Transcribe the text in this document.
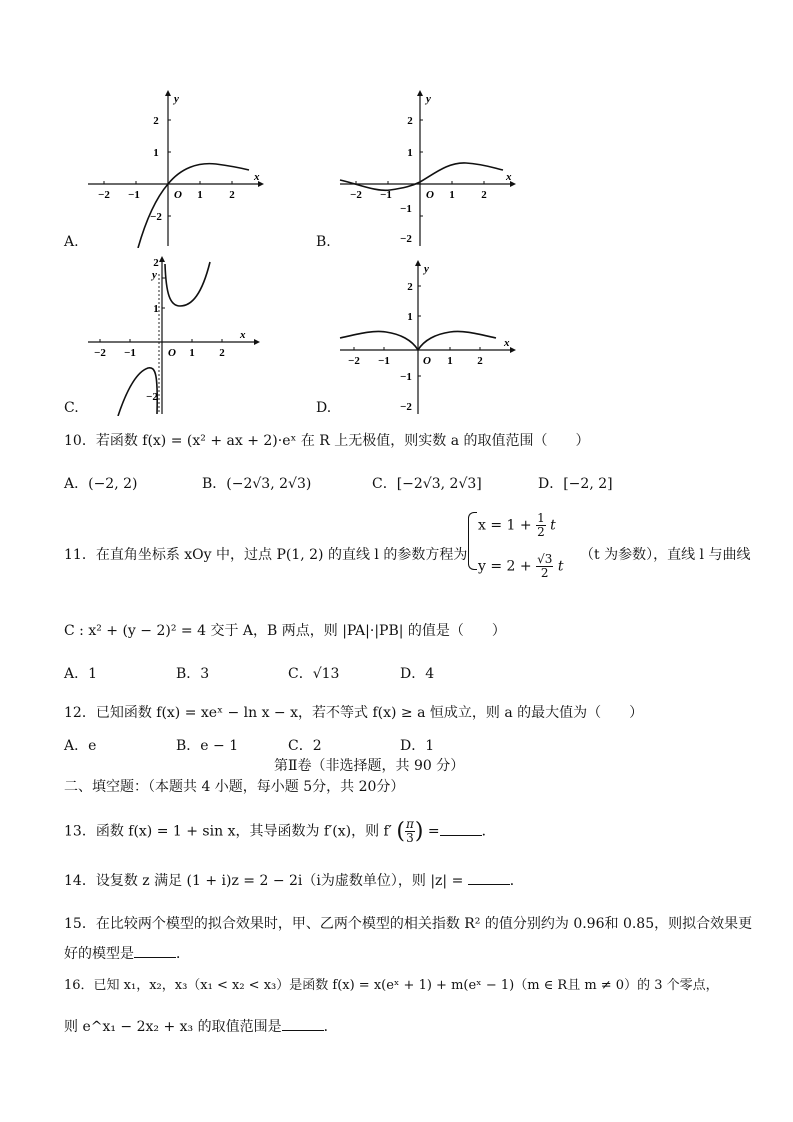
−2 −1	1 2
2
1
−2
O
x
y
A.
−2 −1	1 2
2
1
−1
−2
O
x
y
B.
−2 −1	1 2
2
1
−2
O
x
y
C.
−2 −1	1 2
2
1
−1
−2
O
x
y
D.
10．若函数 f(x) = (x² + ax + 2)·eˣ 在 R 上无极值，则实数 a 的取值范围（　　）
A．(−2, 2)	B．(−2√3, 2√3)	C．[−2√3, 2√3]	D．[−2, 2]
11．在直角坐标系 xOy 中，过点 P(1, 2) 的直线 l 的参数方程为
$x = 1 + \frac{1}{2}$ t
$y = 2 + \frac{√3}{2}$ t
（t 为参数），直线 l 与曲线
C : x² + (y − 2)² = 4 交于 A，B 两点，则 |PA|·|PB| 的值是（　　）
A．1	B．3	C．√13	D．4
12．已知函数 f(x) = xeˣ − ln x − x，若不等式 f(x) ≥ a 恒成立，则 a 的最大值为（　　）
A．e	B．e − 1	C．2	D．1
第Ⅱ卷（非选择题，共 90 分）
二、填空题：（本题共 4 小题，每小题 5分，共 20分）
13．函数 f(x) = 1 + sin x，其导函数为 f′(x)，则 f′ ( $\frac{\pi}{3}$ ) =	．
14．设复数 z 满足 (1 + i)z = 2 − 2i（i为虚数单位），则 |z| =	．
15．在比较两个模型的拟合效果时，甲、乙两个模型的相关指数 R² 的值分别约为 0.96和 0.85，则拟合效果更
好的模型是	．
16．已知 x₁，x₂，x₃（x₁ < x₂ < x₃）是函数 f(x) = x(eˣ + 1) + m(eˣ − 1)（m ∈ R且 m ≠ 0）的 3 个零点，
则 e^x₁ − 2x₂ + x₃ 的取值范围是	．
